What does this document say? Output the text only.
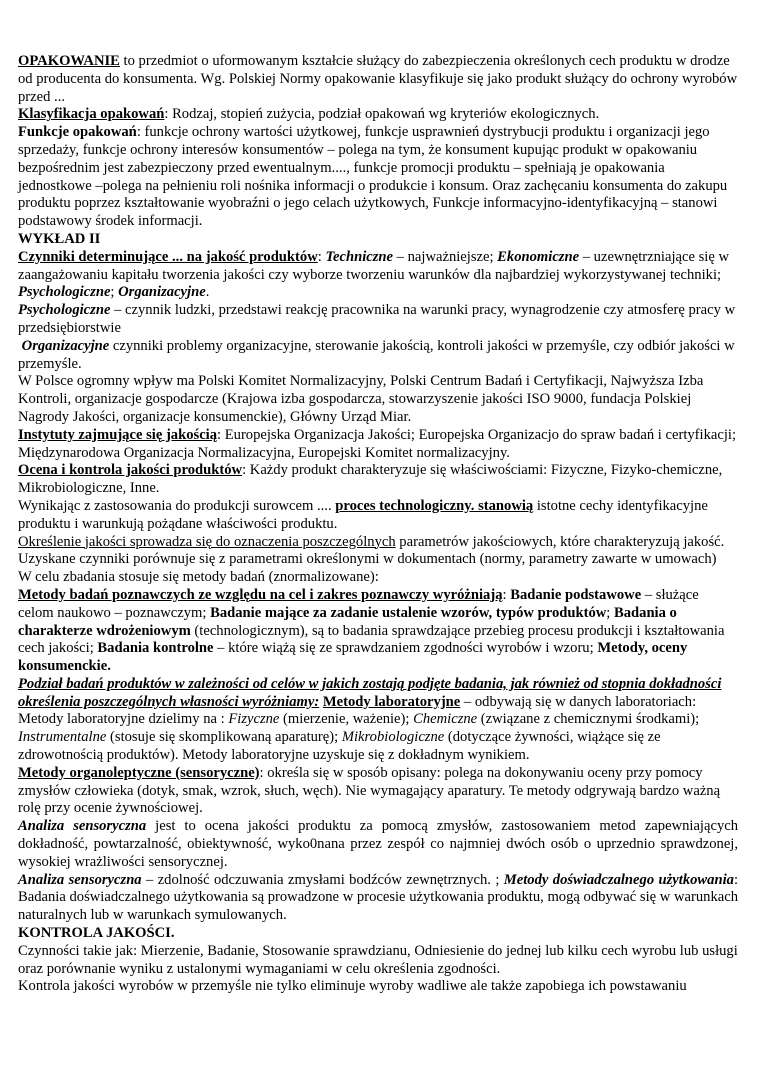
OPAKOWANIE to przedmiot o uformowanym kształcie służący do zabezpieczenia określonych cech produktu w drodze od producenta do konsumenta. Wg. Polskiej Normy opakowanie klasyfikuje się jako produkt służący do ochrony wyrobów przed ...

Klasyfikacja opakowań: Rodzaj, stopień zużycia, podział opakowań wg kryteriów ekologicznych.

Funkcje opakowań: funkcje ochrony wartości użytkowej, funkcje usprawnień dystrybucji produktu i organizacji jego sprzedaży, funkcje ochrony interesów konsumentów – polega na tym, że konsument kupując produkt w opakowaniu bezpośrednim jest zabezpieczony przed ewentualnym...., funkcje promocji produktu – spełniają je opakowania jednostkowe –polega na pełnieniu roli nośnika informacji o produkcie i konsum. Oraz zachęcaniu konsumenta do zakupu produktu poprzez kształtowanie wyobraźni o jego celach użytkowych, Funkcje informacyjno-identyfikacyjną – stanowi podstawowy środek informacji.

WYKŁAD II

Czynniki determinujące ... na jakość produktów: Techniczne – najważniejsze; Ekonomiczne – uzewnętrzniające się w zaangażowaniu kapitału tworzenia jakości czy wyborze tworzeniu warunków dla najbardziej wykorzystywanej techniki; Psychologiczne; Organizacyjne.

Psychologiczne – czynnik ludzki, przedstawi reakcję pracownika na warunki pracy, wynagrodzenie czy atmosferę pracy w przedsiębiorstwie

Organizacyjne czynniki problemy organizacyjne, sterowanie jakością, kontroli jakości w przemyśle, czy odbiór jakości w przemyśle.

W Polsce ogromny wpływ ma Polski Komitet Normalizacyjny, Polski Centrum Badań i Certyfikacji, Najwyższa Izba Kontroli, organizacje gospodarcze (Krajowa izba gospodarcza, stowarzyszenie jakości ISO 9000, fundacja Polskiej Nagrody Jakości, organizacje konsumenckie), Główny Urząd Miar.

Instytuty zajmujące się jakością: Europejska Organizacja Jakości; Europejska Organizacjo do spraw badań i certyfikacji; Międzynarodowa Organizacja Normalizacyjna, Europejski Komitet normalizacyjny.

Ocena i kontrola jakości produktów: Każdy produkt charakteryzuje się właściwościami: Fizyczne, Fizyko-chemiczne, Mikrobiologiczne, Inne.

Wynikając z zastosowania do produkcji surowcem .... proces technologiczny. stanowią istotne cechy identyfikacyjne produktu i warunkują pożądane właściwości produktu.

Określenie jakości sprowadza się do oznaczenia poszczególnych parametrów jakościowych, które charakteryzują jakość. Uzyskane czynniki porównuje się z parametrami określonymi w dokumentach (normy, parametry zawarte w umowach)

W celu zbadania stosuje się metody badań (znormalizowane):

Metody badań poznawczych ze względu na cel i zakres poznawczy wyróżniają: Badanie podstawowe – służące celom naukowo – poznawczym; Badanie mające za zadanie ustalenie wzorów, typów produktów; Badania o charakterze wdrożeniowym (technologicznym), są to badania sprawdzające przebieg procesu produkcji i kształtowania cech jakości; Badania kontrolne – które wiążą się ze sprawdzaniem zgodności wyrobów i wzoru; Metody, oceny konsumenckie.

Podział badań produktów w zależności od celów w jakich zostają podjęte badania, jak również od stopnia dokładności określenia poszczególnych własności wyróżniamy: Metody laboratoryjne – odbywają się w danych laboratoriach: Metody laboratoryjne dzielimy na : Fizyczne (mierzenie, ważenie); Chemiczne (związane z chemicznymi środkami); Instrumentalne (stosuje się skomplikowaną aparaturę); Mikrobiologiczne (dotyczące żywności, wiążące się ze zdrowotnością produktów). Metody laboratoryjne uzyskuje się z dokładnym wynikiem.

Metody organoleptyczne (sensoryczne): określa się w sposób opisany: polega na dokonywaniu oceny przy pomocy zmysłów człowieka (dotyk, smak, wzrok, słuch, węch). Nie wymagający aparatury. Te metody odgrywają bardzo ważną rolę przy ocenie żywnościowej.

Analiza sensoryczna jest to ocena jakości produktu za pomocą zmysłów, zastosowaniem metod zapewniających dokładność, powtarzalność, obiektywność, wyko0nana przez zespół co najmniej dwóch osób o uprzednio sprawdzonej, wysokiej wrażliwości sensorycznej.

Analiza sensoryczna – zdolność odczuwania zmysłami bodźców zewnętrznych. ; Metody doświadczalnego użytkowania: Badania doświadczalnego użytkowania są prowadzone w procesie użytkowania produktu, mogą odbywać się w warunkach naturalnych lub w warunkach symulowanych.

KONTROLA JAKOŚCI.

Czynności takie jak: Mierzenie, Badanie, Stosowanie sprawdzianu, Odniesienie do jednej lub kilku cech wyrobu lub usługi oraz porównanie wyniku z ustalonymi wymaganiami w celu określenia zgodności.

Kontrola jakości wyrobów w przemyśle nie tylko eliminuje wyroby wadliwe ale także zapobiega ich powstawaniu
